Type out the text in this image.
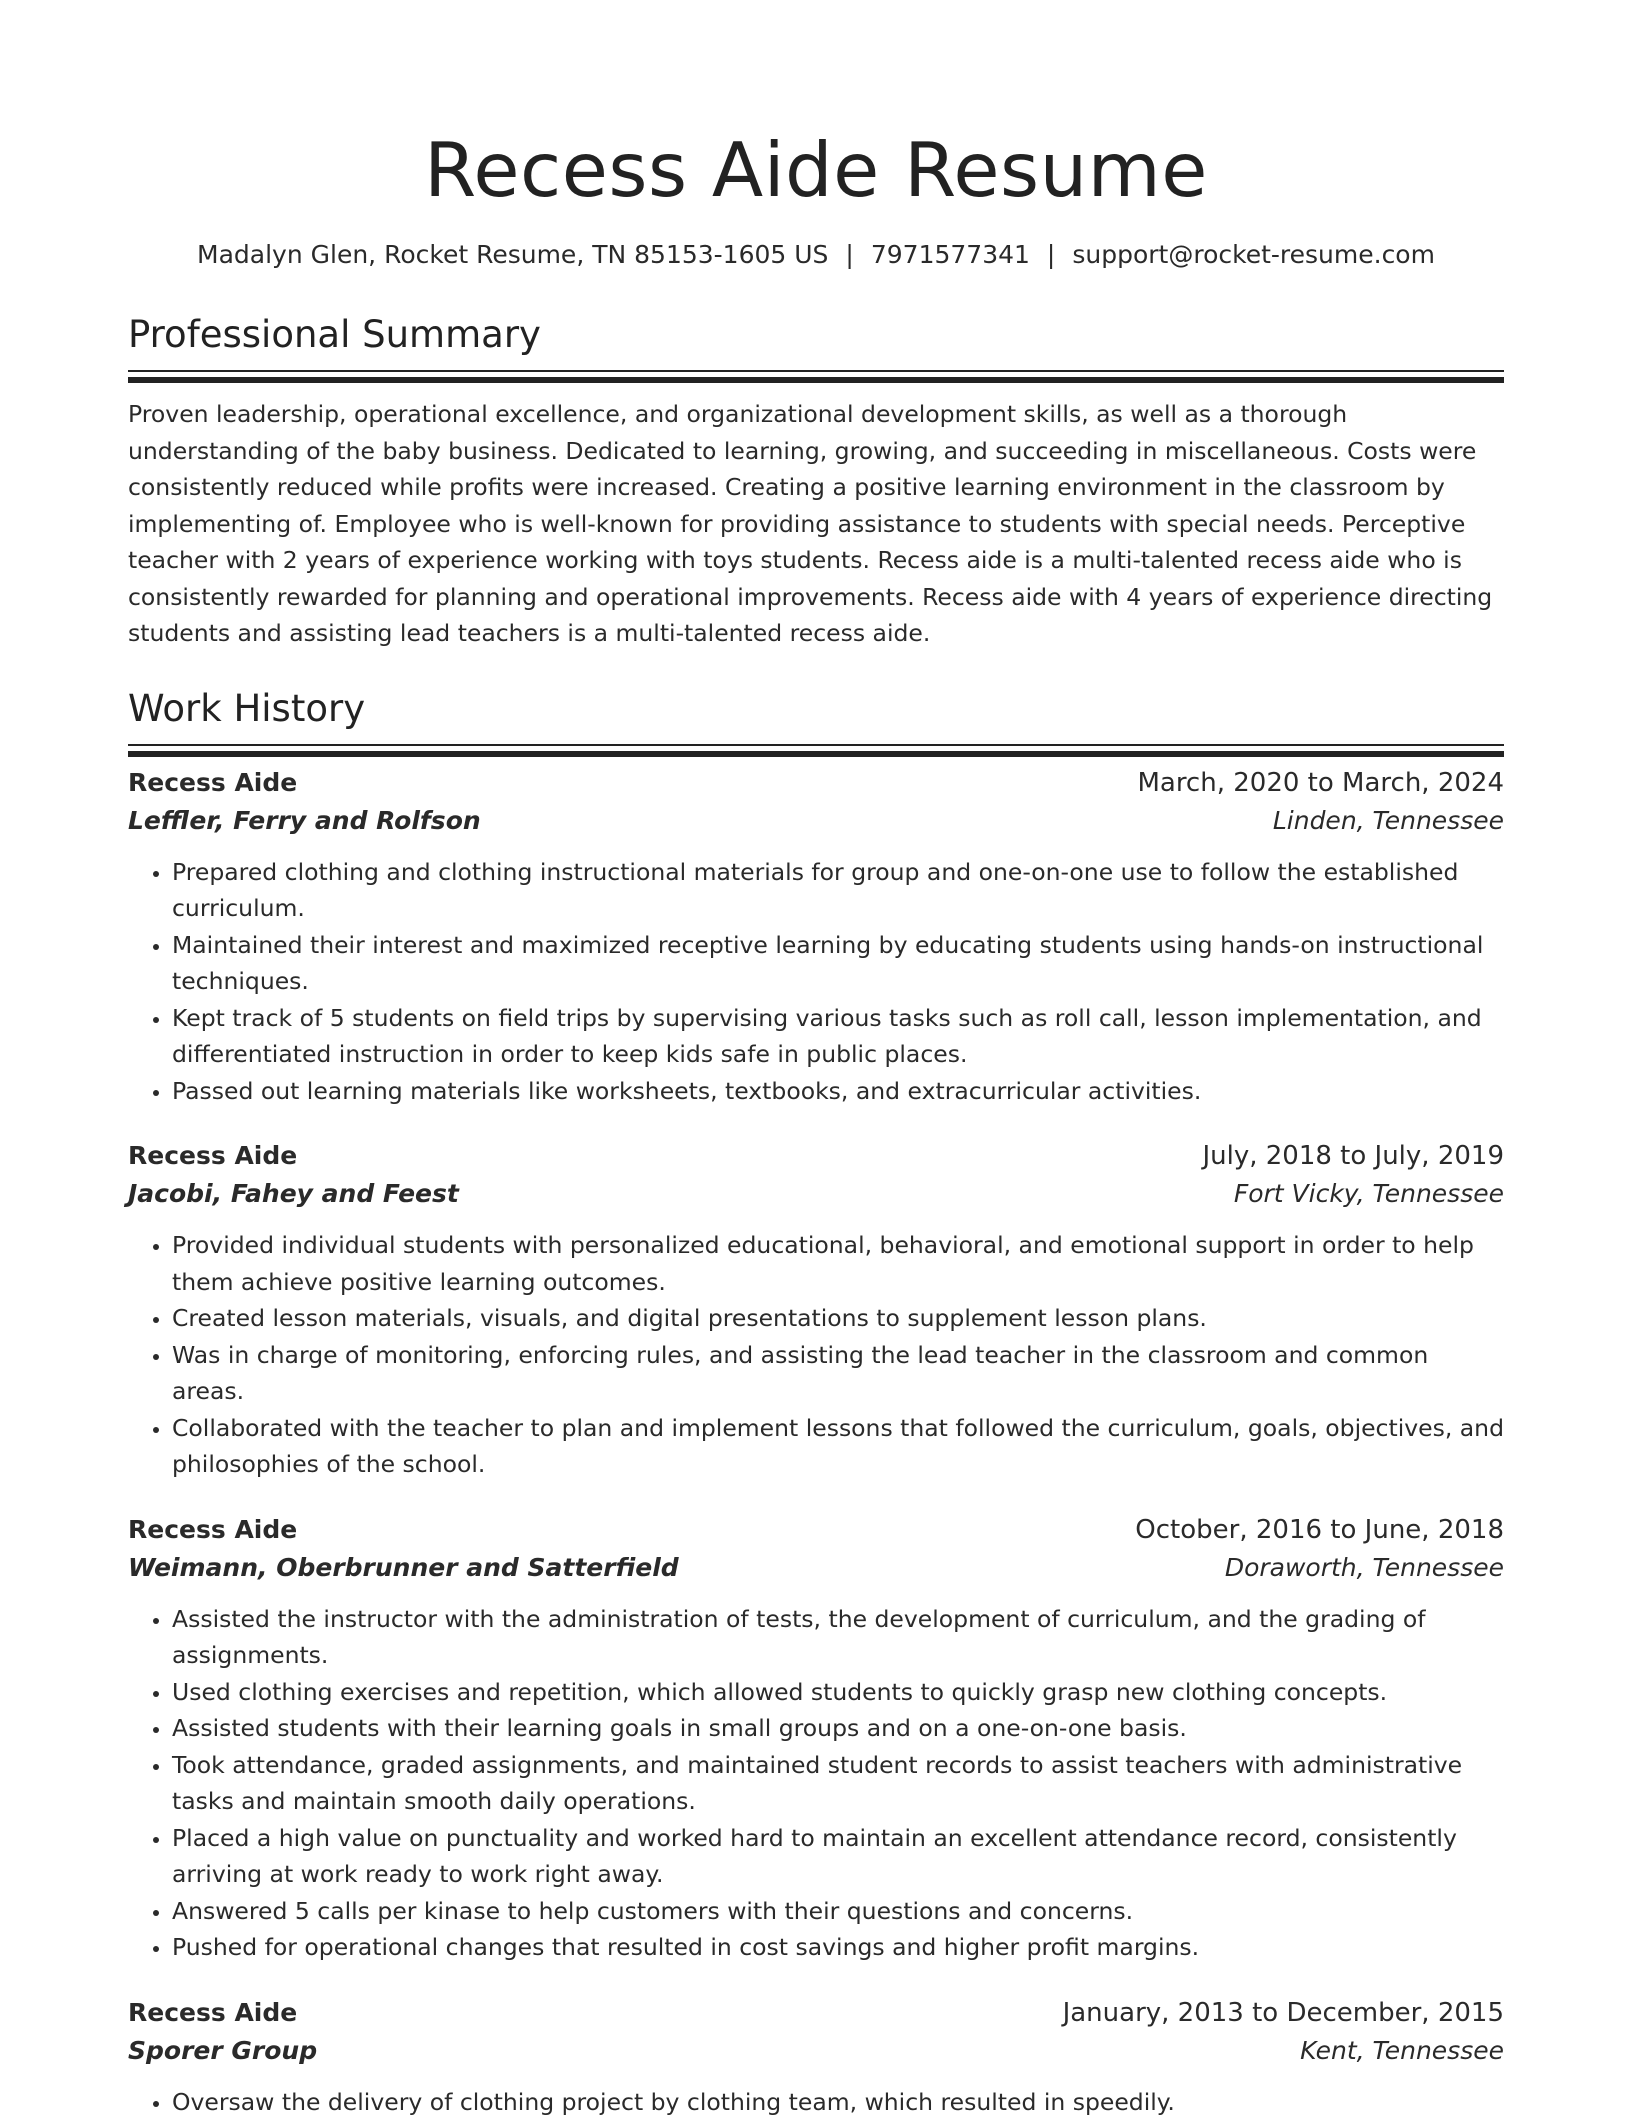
Recess Aide Resume
Madalyn Glen, Rocket Resume, TN 85153-1605 US | 7971577341 | support@rocket-resume.com
Professional Summary

Proven leadership, operational excellence, and organizational development skills, as well as a thorough understanding of the baby business. Dedicated to learning, growing, and succeeding in miscellaneous. Costs were consistently reduced while profits were increased. Creating a positive learning environment in the classroom by implementing of. Employee who is well-known for providing assistance to students with special needs. Perceptive teacher with 2 years of experience working with toys students. Recess aide is a multi-talented recess aide who is consistently rewarded for planning and operational improvements. Recess aide with 4 years of experience directing students and assisting lead teachers is a multi-talented recess aide.

Work History
Recess Aide	March, 2020 to March, 2024
Leffler, Ferry and Rolfson	Linden, Tennessee
• Prepared clothing and clothing instructional materials for group and one-on-one use to follow the established curriculum.
• Maintained their interest and maximized receptive learning by educating students using hands-on instructional techniques.
• Kept track of 5 students on field trips by supervising various tasks such as roll call, lesson implementation, and differentiated instruction in order to keep kids safe in public places.
• Passed out learning materials like worksheets, textbooks, and extracurricular activities.
Recess Aide	July, 2018 to July, 2019
Jacobi, Fahey and Feest	Fort Vicky, Tennessee
• Provided individual students with personalized educational, behavioral, and emotional support in order to help them achieve positive learning outcomes.
• Created lesson materials, visuals, and digital presentations to supplement lesson plans.
• Was in charge of monitoring, enforcing rules, and assisting the lead teacher in the classroom and common areas.
• Collaborated with the teacher to plan and implement lessons that followed the curriculum, goals, objectives, and philosophies of the school.
Recess Aide	October, 2016 to June, 2018
Weimann, Oberbrunner and Satterfield	Doraworth, Tennessee
• Assisted the instructor with the administration of tests, the development of curriculum, and the grading of assignments.
• Used clothing exercises and repetition, which allowed students to quickly grasp new clothing concepts.
• Assisted students with their learning goals in small groups and on a one-on-one basis.
• Took attendance, graded assignments, and maintained student records to assist teachers with administrative tasks and maintain smooth daily operations.
• Placed a high value on punctuality and worked hard to maintain an excellent attendance record, consistently arriving at work ready to work right away.
• Answered 5 calls per kinase to help customers with their questions and concerns.
• Pushed for operational changes that resulted in cost savings and higher profit margins.
Recess Aide	January, 2013 to December, 2015
Sporer Group	Kent, Tennessee
• Oversaw the delivery of clothing project by clothing team, which resulted in speedily.
